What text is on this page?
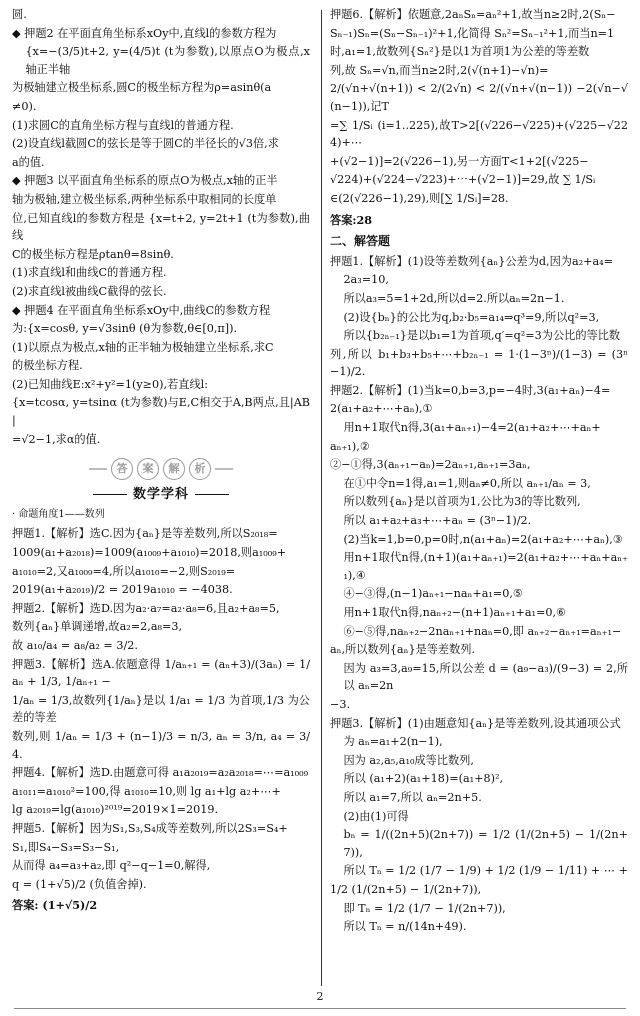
圆.

◆ 押题2 在平面直角坐标系xOy中,直线l的参数方程为

{x=−(3/5)t+2, y=(4/5)t (t为参数),以原点O为极点,x轴正半轴

为极轴建立极坐标系,圆C的极坐标方程为ρ=asinθ(a

≠0).

(1)求圆C的直角坐标方程与直线l的普通方程.

(2)设直线l截圆C的弦长是等于圆C的半径长的√3倍,求

a的值.

◆ 押题3 以平面直角坐标系的原点O为极点,x轴的正半

轴为极轴,建立极坐标系,两种坐标系中取相同的长度单

位,已知直线l的参数方程是 {x=t+2, y=2t+1 (t为参数),曲线

C的极坐标方程是ρtanθ=8sinθ.

(1)求直线l和曲线C的普通方程.

(2)求直线l被曲线C截得的弦长.

◆ 押题4 在平面直角坐标系xOy中,曲线C的参数方程

为:{x=cosθ, y=√3sinθ (θ为参数,θ∈[0,π]).

(1)以原点为极点,x轴的正半轴为极轴建立坐标系,求C

的极坐标方程.

(2)已知曲线E:x²+y²=1(y≥0),若直线l:

{x=tcosα, y=tsinα (t为参数)与E,C相交于A,B两点,且|AB|

=√2−1,求α的值.

答	案	解	析
数学学科

· 命题角度1——数列

押题1.【解析】选C.因为{aₙ}是等差数列,所以S₂₀₁₈=

1009(a₁+a₂₀₁₈)=1009(a₁₀₀₉+a₁₀₁₀)=2018,则a₁₀₀₉+

a₁₀₁₀=2,又a₁₀₀₉=4,所以a₁₀₁₀=−2,则S₂₀₁₉=

2019(a₁+a₂₀₁₉)/2 = 2019a₁₀₁₀ = −4038.

押题2.【解析】选D.因为a₂·a₇=a₂·a₈=6,且a₂+a₈=5,

数列{aₙ}单调递增,故a₂=2,a₈=3,

故 a₁₀/a₄ = a₈/a₂ = 3/2.

押题3.【解析】选A.依题意得 1/aₙ₊₁ = (aₙ+3)/(3aₙ) = 1/aₙ + 1/3, 1/aₙ₊₁ −

1/aₙ = 1/3,故数列{1/aₙ}是以 1/a₁ = 1/3 为首项,1/3 为公差的等差

数列,则 1/aₙ = 1/3 + (n−1)/3 = n/3, aₙ = 3/n, a₄ = 3/4.

押题4.【解析】选D.由题意可得 a₁a₂₀₁₉=a₂a₂₀₁₈=⋯=a₁₀₀₉

a₁₀₁₁=a₁₀₁₀²=100,得 a₁₀₁₀=10,则 lg a₁+lg a₂+⋯+

lg a₂₀₁₉=lg(a₁₀₁₀)²⁰¹⁹=2019×1=2019.

押题5.【解析】因为S₁,S₃,S₄成等差数列,所以2S₃=S₄+

S₁,即S₄−S₃=S₃−S₁,

从而得 a₄=a₃+a₂,即 q²−q−1=0,解得,

q = (1+√5)/2 (负值舍掉).

答案: (1+√5)/2

押题6.【解析】依题意,2aₙSₙ=aₙ²+1,故当n≥2时,2(Sₙ−

Sₙ₋₁)Sₙ=(Sₙ−Sₙ₋₁)²+1,化简得 Sₙ²=Sₙ₋₁²+1,而当n=1

时,a₁=1,故数列{Sₙ²}是以1为首项1为公差的等差数

列,故 Sₙ=√n,而当n≥2时,2(√(n+1)−√n)=

2/(√n+√(n+1)) < 2/(2√n) < 2/(√n+√(n−1)) −2(√n−√(n−1)),记T

=∑ 1/Sᵢ (i=1..225),故T>2[(√226−√225)+(√225−√224)+⋯

+(√2−1)]=2(√226−1),另一方面T<1+2[(√225−

√224)+(√224−√223)+⋯+(√2−1)]=29,故 ∑ 1/Sᵢ

∈(2(√226−1),29),则[∑ 1/Sᵢ]=28.

答案:28

二、解答题

押题1.【解析】(1)设等差数列{aₙ}公差为d,因为a₂+a₄=

2a₃=10,

所以a₃=5=1+2d,所以d=2.所以aₙ=2n−1.

(2)设{bₙ}的公比为q,b₂·b₅=a₁₄⇒q³=9,所以q²=3,

所以{b₂ₙ₋₁}是以b₁=1为首项,q′=q²=3为公比的等比数

列,所以 b₁+b₃+b₅+⋯+b₂ₙ₋₁ = 1·(1−3ⁿ)/(1−3) = (3ⁿ−1)/2.

押题2.【解析】(1)当k=0,b=3,p=−4时,3(a₁+aₙ)−4=

2(a₁+a₂+⋯+aₙ),①

用n+1取代n得,3(a₁+aₙ₊₁)−4=2(a₁+a₂+⋯+aₙ+

aₙ₊₁),②

②−①得,3(aₙ₊₁−aₙ)=2aₙ₊₁,aₙ₊₁=3aₙ,

在①中令n=1得,a₁=1,则aₙ≠0,所以 aₙ₊₁/aₙ = 3,

所以数列{aₙ}是以首项为1,公比为3的等比数列,

所以 a₁+a₂+a₃+⋯+aₙ = (3ⁿ−1)/2.

(2)当k=1,b=0,p=0时,n(a₁+aₙ)=2(a₁+a₂+⋯+aₙ),③

用n+1取代n得,(n+1)(a₁+aₙ₊₁)=2(a₁+a₂+⋯+aₙ+aₙ₊₁),④

④−③得,(n−1)aₙ₊₁−naₙ+a₁=0,⑤

用n+1取代n得,naₙ₊₂−(n+1)aₙ₊₁+a₁=0,⑥

⑥−⑤得,naₙ₊₂−2naₙ₊₁+naₙ=0,即 aₙ₊₂−aₙ₊₁=aₙ₊₁−

aₙ,所以数列{aₙ}是等差数列.

因为 a₃=3,a₉=15,所以公差 d = (a₉−a₃)/(9−3) = 2,所以 aₙ=2n

−3.

押题3.【解析】(1)由题意知{aₙ}是等差数列,设其通项公式

为 aₙ=a₁+2(n−1),

因为 a₂,a₅,a₁₀成等比数列,

所以 (a₁+2)(a₁+18)=(a₁+8)²,

所以 a₁=7,所以 aₙ=2n+5.

(2)由(1)可得

bₙ = 1/((2n+5)(2n+7)) = 1/2 (1/(2n+5) − 1/(2n+7)),

所以 Tₙ = 1/2 (1/7 − 1/9) + 1/2 (1/9 − 1/11) + ⋯ +

1/2 (1/(2n+5) − 1/(2n+7)),

即 Tₙ = 1/2 (1/7 − 1/(2n+7)),

所以 Tₙ = n/(14n+49).

2
